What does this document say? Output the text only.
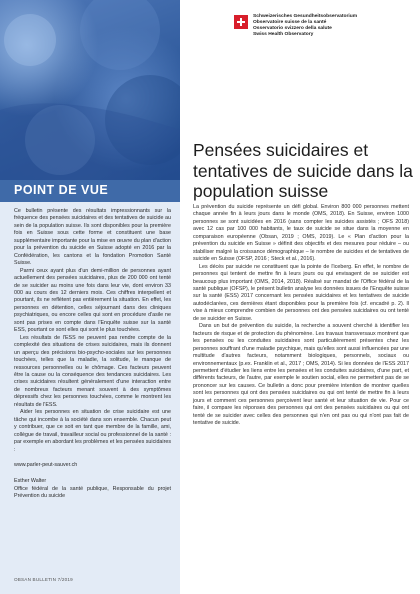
POINT DE VUE

Ce bulletin présente des résultats impressionnants sur la fréquence des pensées suicidaires et des tentatives de suicide au sein de la population suisse. Ils sont disponibles pour la première fois en Suisse sous cette forme et constituent une base supplémentaire importante pour la mise en œuvre du plan d'action pour la prévention du suicide en Suisse adopté en 2016 par la Confédération, les cantons et la fondation Promotion Santé Suisse.

Parmi ceux ayant plus d'un demi-million de personnes ayant actuellement des pensées suicidaires, plus de 200 000 ont tenté de se suicider au moins une fois dans leur vie, dont environ 33 000 au cours des 12 derniers mois. Ces chiffres interpellent et pourtant, ils ne reflètent pas entièrement la situation. En effet, les personnes en détention, celles séjournant dans des cliniques psychiatriques, ou encore celles qui sont en procédure d'asile ne sont pas prises en compte dans l'Enquête suisse sur la santé ESS, pourtant ce sont elles qui sont le plus touchées.

Les résultats de l'ESS ne peuvent pas rendre compte de la complexité des situations de crises suicidaires, mais ils donnent un aperçu des précisions bio-psycho-sociales sur les personnes touchées, telles que la maladie, la solitude, le manque de ressources personnelles ou le chômage. Ces facteurs peuvent être la cause ou la conséquence des tendances suicidaires. Les crises suicidaires résultent généralement d'une interaction entre de nombreux facteurs menant souvent à des symptômes dépressifs chez les personnes touchées, comme le montrent les résultats de l'ESS.

Aider les personnes en situation de crise suicidaire est une tâche qui incombe à la société dans son ensemble. Chacun peut y contribuer, que ce soit en tant que membre de la famille, ami, collègue de travail, travailleur social ou professionnel de la santé : par exemple en abordant les problèmes et les pensées suicidaires :

www.parler-peut-sauver.ch

Esther Walter

Office fédéral de la santé publique, Responsable du projet Prévention du suicide

OBSAN BULLETIN 7/2019
Schweizerisches Gesundheitsobservatorium
Observatoire suisse de la santé
Osservatorio svizzero della salute
Swiss Health Observatory
Pensées suicidaires et tentatives de suicide dans la population suisse

La prévention du suicide représente un défi global. Environ 800 000 personnes mettent chaque année fin à leurs jours dans le monde (OMS, 2018). En Suisse, environ 1000 personnes se sont suicidées en 2016 (sans compter les suicides assistés ; OFS 2018) avec 12 cas par 100 000 habitants, le taux de suicide se situe dans la moyenne en comparaison européenne (Obsan, 2019 ; OMS, 2019). Le « Plan d'action pour la prévention du suicide en Suisse » définit des objectifs et des mesures pour réduire – ou stabiliser malgré la croissance démographique – le nombre de suicides et de tentatives de suicide en Suisse (OFSP, 2016 ; Steck et al., 2016).

Les décès par suicide ne constituent que la pointe de l'iceberg. En effet, le nombre de personnes qui tentent de mettre fin à leurs jours ou qui envisagent de se suicider est beaucoup plus important (OMS, 2014, 2018). Réalisé sur mandat de l'Office fédéral de la santé publique (OFSP), le présent bulletin analyse les données issues de l'Enquête suisse sur la santé (ESS) 2017 concernant les pensées suicidaires et les tentatives de suicide autodéclarées, ces dernières étant disponibles pour la première fois (cf. encadré p. 2). Il vise à mieux comprendre combien de personnes ont des pensées suicidaires ou ont tenté de se suicider en Suisse.

Dans un but de prévention du suicide, la recherche a souvent cherché à identifier les facteurs de risque et de protection du phénomène. Les travaux transversaux montrent que les pensées ou les conduites suicidaires sont particulièrement présentes chez les personnes souffrant d'une maladie psychique, mais qu'elles sont aussi influencées par une multitude d'autres facteurs, notamment biologiques, personnels, sociaux ou environnementaux (p.ex. Franklin et al., 2017 ; OMS, 2014). Si les données de l'ESS 2017 permettent d'étudier les liens entre les pensées et les conduites suicidaires, d'une part, et différents facteurs, de l'autre, par exemple le soutien social, elles ne permettent pas de se prononcer sur les causes. Ce bulletin a donc pour première intention de montrer quelles sont les personnes qui ont des pensées suicidaires ou qui ont tenté de mettre fin à leurs jours et comment ces personnes perçoivent leur santé et leur situation de vie. Pour ce faire, il compare les réponses des personnes qui ont des pensées suicidaires ou qui ont tenté de se suicider avec celles des personnes qui n'en ont pas ou qui n'ont pas fait de tentative de suicide.
